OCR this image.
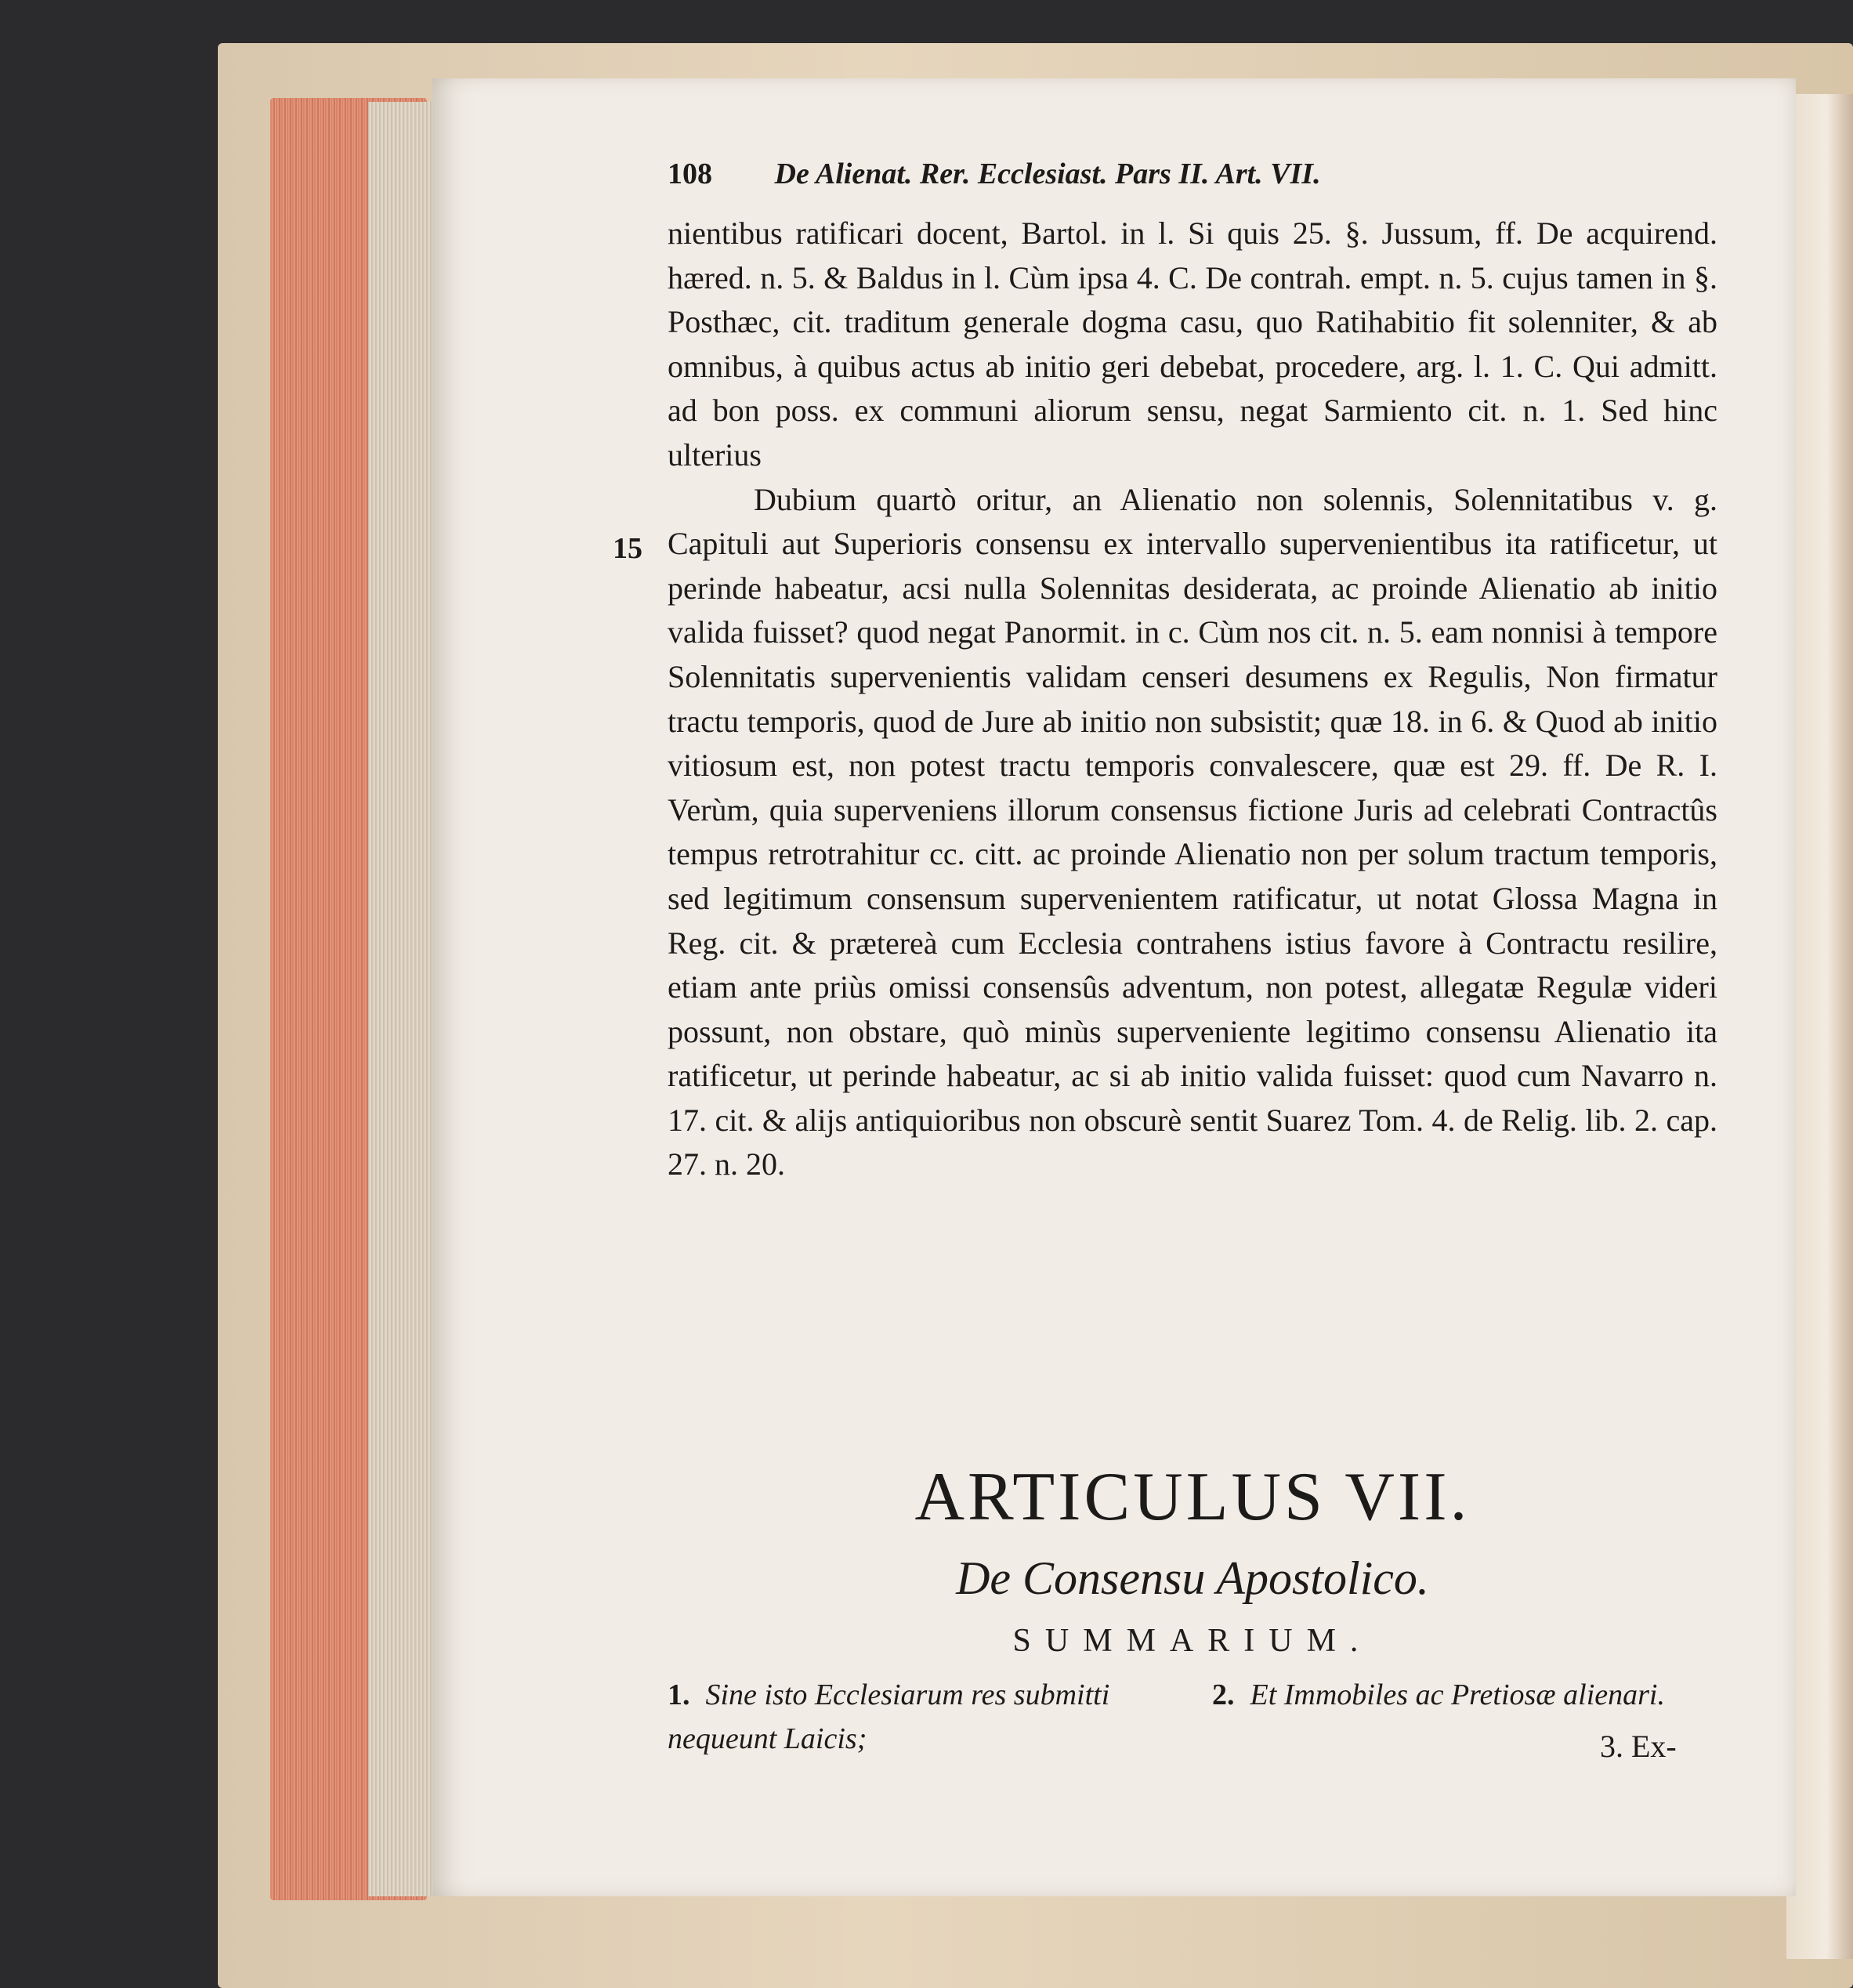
108 De Alienat. Rer. Ecclesiast. Pars II. Art. VII.
15

nientibus ratificari docent, Bartol. in l. Si quis 25. §. Jussum, ff. De acquirend. hæred. n. 5. & Baldus in l. Cùm ipsa 4. C. De contrah. empt. n. 5. cujus tamen in §. Posthæc, cit. traditum generale dogma casu, quo Ratihabitio fit solenniter, & ab omnibus, à quibus actus ab initio geri debebat, procedere, arg. l. 1. C. Qui admitt. ad bon poss. ex communi aliorum sensu, negat Sarmiento cit. n. 1. Sed hinc ulterius

Dubium quartò oritur, an Alienatio non solennis, Solennitatibus v. g. Capituli aut Superioris consensu ex intervallo supervenientibus ita ratificetur, ut perinde habeatur, acsi nulla Solennitas desiderata, ac proinde Alienatio ab initio valida fuisset? quod negat Panormit. in c. Cùm nos cit. n. 5. eam nonnisi à tempore Solennitatis supervenientis validam censeri desumens ex Regulis, Non firmatur tractu temporis, quod de Jure ab initio non subsistit; quæ 18. in 6. & Quod ab initio vitiosum est, non potest tractu temporis convalescere, quæ est 29. ff. De R. I. Verùm, quia superveniens illorum consensus fictione Juris ad celebrati Contractûs tempus retrotrahitur cc. citt. ac proinde Alienatio non per solum tractum temporis, sed legitimum consensum supervenientem ratificatur, ut notat Glossa Magna in Reg. cit. & prætereà cum Ecclesia contrahens istius favore à Contractu resilire, etiam ante priùs omissi consensûs adventum, non potest, allegatæ Regulæ videri possunt, non obstare, quò minùs superveniente legitimo consensu Alienatio ita ratificetur, ut perinde habeatur, ac si ab initio valida fuisset: quod cum Navarro n. 17. cit. & alijs antiquioribus non obscurè sentit Suarez Tom. 4. de Relig. lib. 2. cap. 27. n. 20.

ARTICULUS VII.
De Consensu Apostolico.
SUMMARIUM.
1. Sine isto Ecclesiarum res submitti nequeunt Laicis;
2. Et Immobiles ac Pretiosæ alienari.
3. Ex-
